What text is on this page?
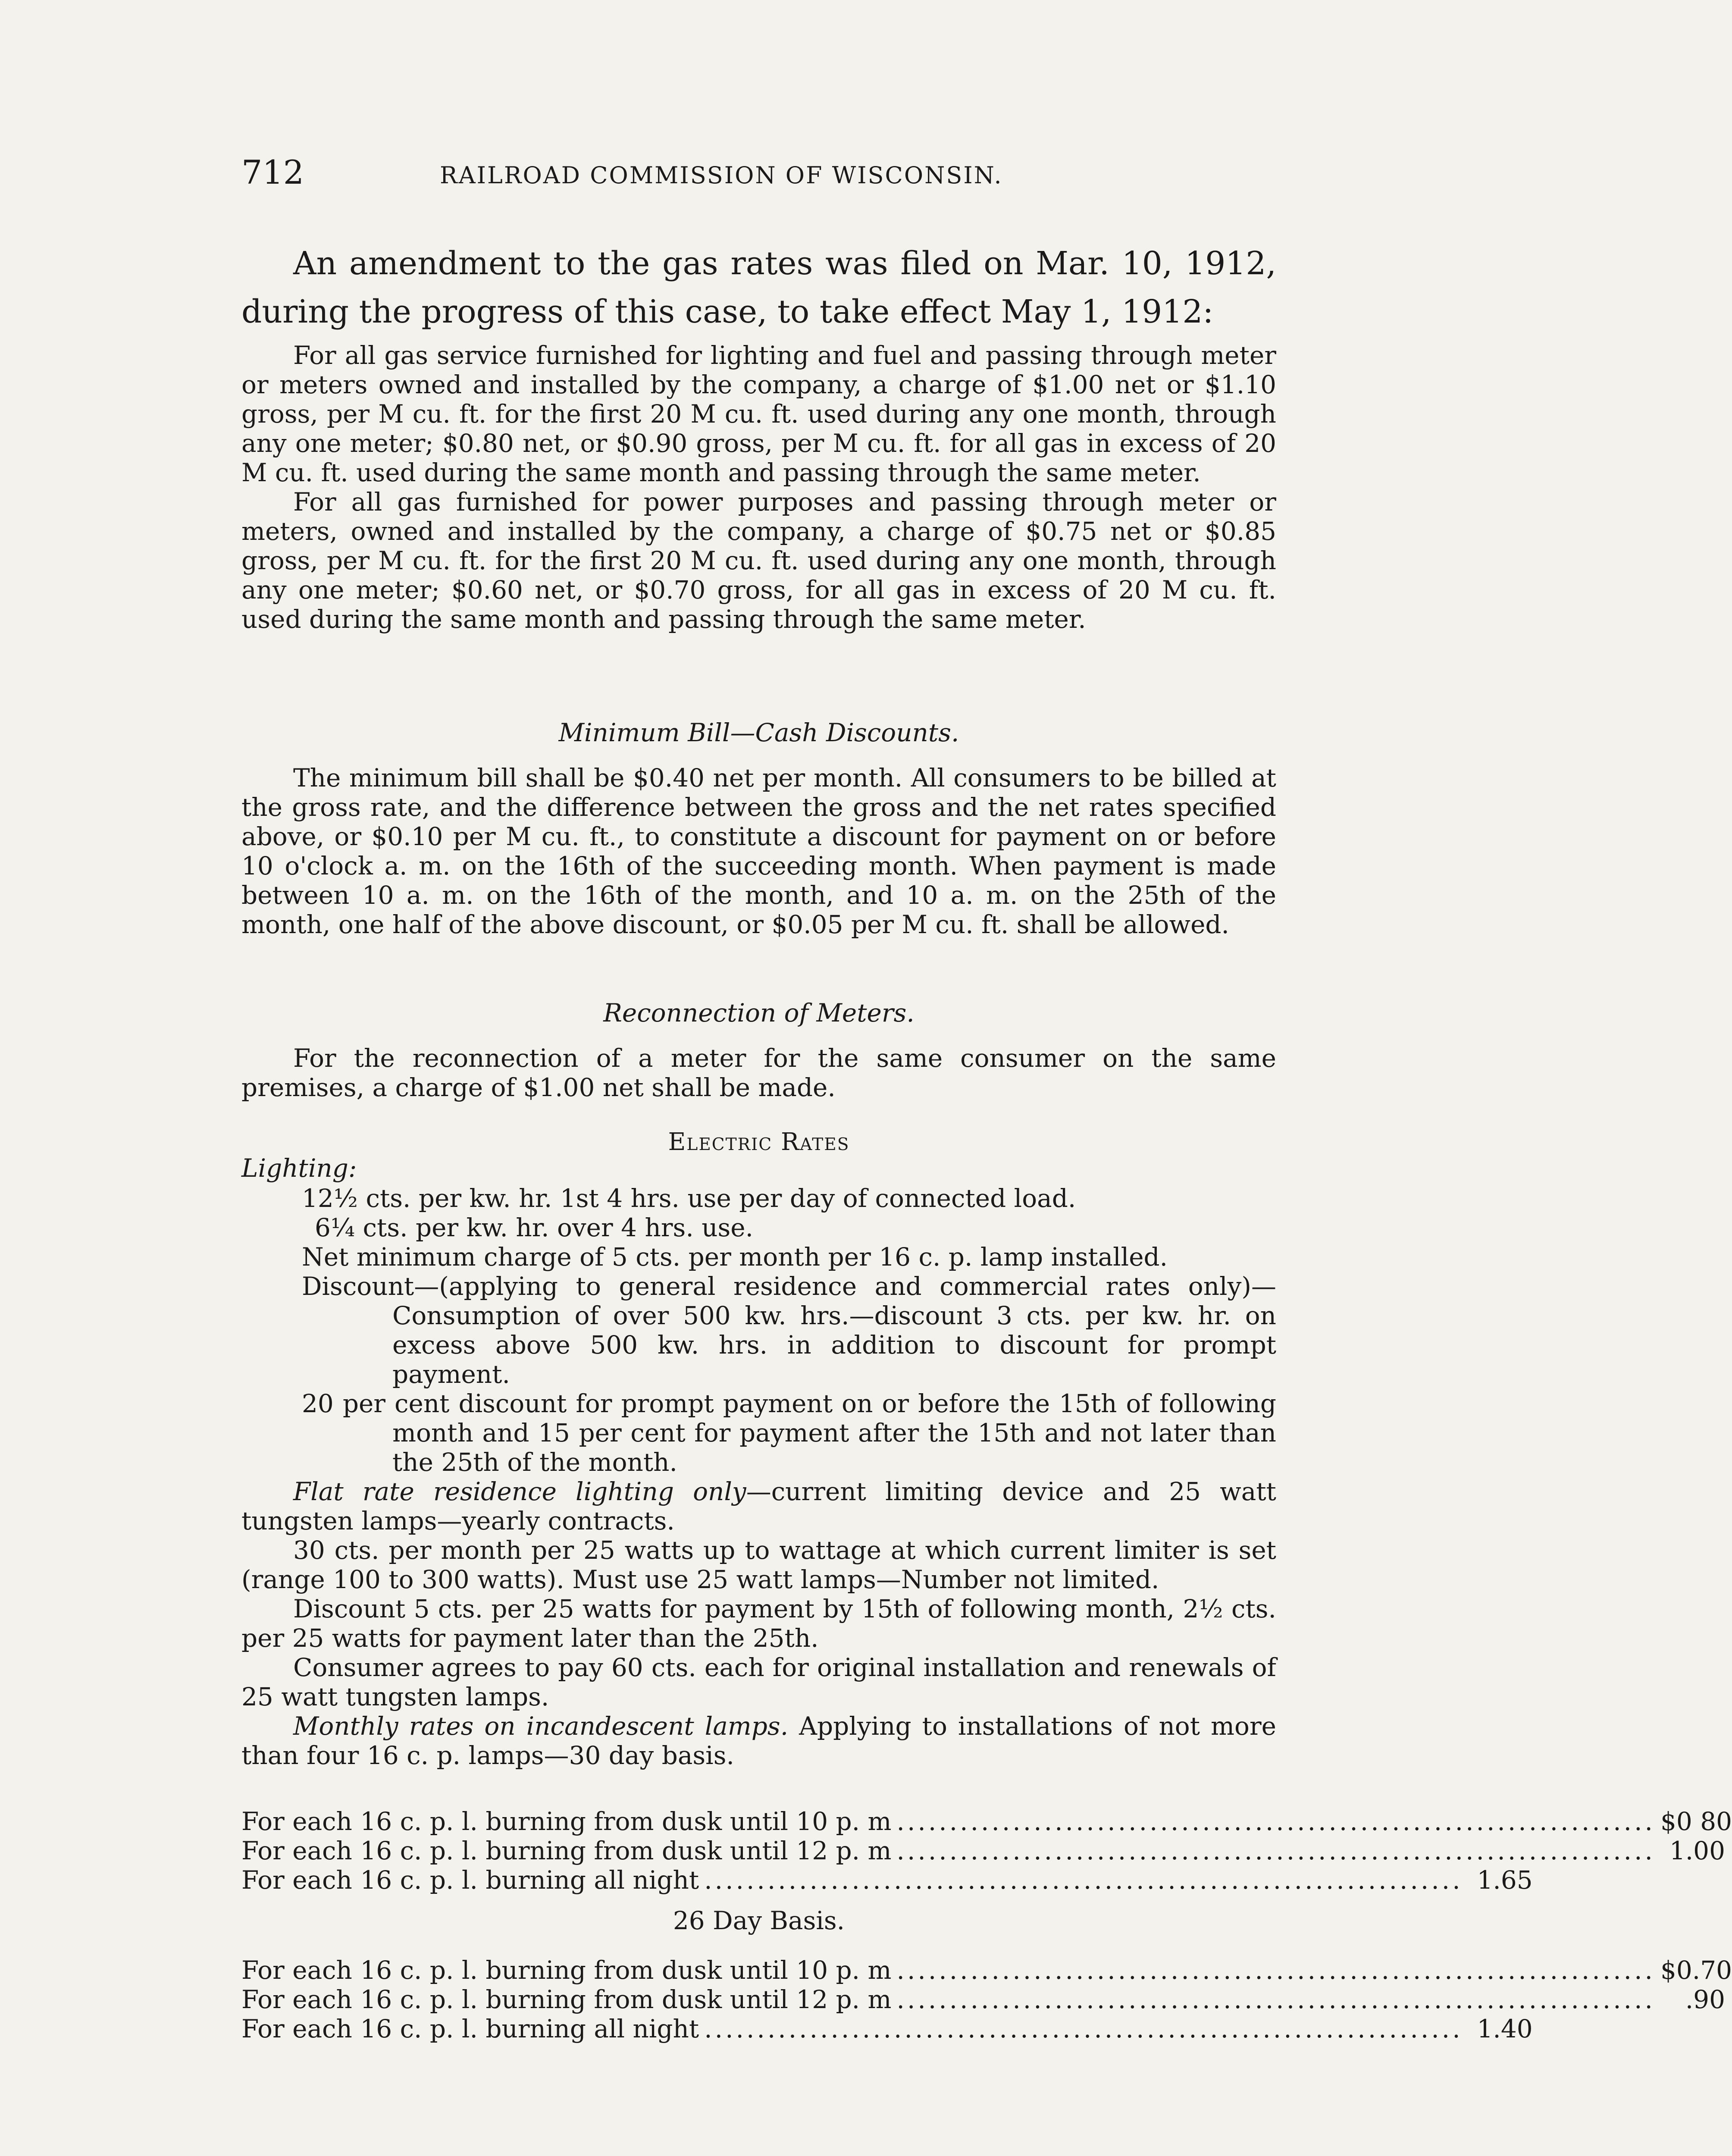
712	RAILROAD COMMISSION OF WISCONSIN.
An amendment to the gas rates was filed on Mar. 10, 1912, during the progress of this case, to take effect May 1, 1912:

For all gas service furnished for lighting and fuel and passing through meter or meters owned and installed by the company, a charge of $1.00 net or $1.10 gross, per M cu. ft. for the first 20 M cu. ft. used during any one month, through any one meter; $0.80 net, or $0.90 gross, per M cu. ft. for all gas in excess of 20 M cu. ft. used during the same month and passing through the same meter.

For all gas furnished for power purposes and passing through meter or meters, owned and installed by the company, a charge of $0.75 net or $0.85 gross, per M cu. ft. for the first 20 M cu. ft. used during any one month, through any one meter; $0.60 net, or $0.70 gross, for all gas in excess of 20 M cu. ft. used during the same month and passing through the same meter.

Minimum Bill—Cash Discounts.

The minimum bill shall be $0.40 net per month. All consumers to be billed at the gross rate, and the difference between the gross and the net rates specified above, or $0.10 per M cu. ft., to constitute a discount for payment on or before 10 o'clock a. m. on the 16th of the succeeding month. When payment is made between 10 a. m. on the 16th of the month, and 10 a. m. on the 25th of the month, one half of the above discount, or $0.05 per M cu. ft. shall be allowed.

Reconnection of Meters.

For the reconnection of a meter for the same consumer on the same premises, a charge of $1.00 net shall be made.

Electric Rates
Lighting:

12½ cts. per kw. hr. 1st 4 hrs. use per day of connected load.

6¼ cts. per kw. hr. over 4 hrs. use.

Net minimum charge of 5 cts. per month per 16 c. p. lamp installed.

Discount—(applying to general residence and commercial rates only)—Consumption of over 500 kw. hrs.—discount 3 cts. per kw. hr. on excess above 500 kw. hrs. in addition to discount for prompt payment.

20 per cent discount for prompt payment on or before the 15th of following month and 15 per cent for payment after the 15th and not later than the 25th of the month.

Flat rate residence lighting only—current limiting device and 25 watt tungsten lamps—yearly contracts.

30 cts. per month per 25 watts up to wattage at which current limiter is set (range 100 to 300 watts). Must use 25 watt lamps—Number not limited.

Discount 5 cts. per 25 watts for payment by 15th of following month, 2½ cts. per 25 watts for payment later than the 25th.

Consumer agrees to pay 60 cts. each for original installation and renewals of 25 watt tungsten lamps.

Monthly rates on incandescent lamps. Applying to installations of not more than four 16 c. p. lamps—30 day basis.

For each 16 c. p. l. burning from dusk until 10 p. m ........................................................................ $0 80
For each 16 c. p. l. burning from dusk until 12 p. m ........................................................................ 1.00
For each 16 c. p. l. burning all night ........................................................................ 1.65
26 Day Basis.
For each 16 c. p. l. burning from dusk until 10 p. m ........................................................................ $0.70
For each 16 c. p. l. burning from dusk until 12 p. m ........................................................................	.90
For each 16 c. p. l. burning all night ........................................................................ 1.40
